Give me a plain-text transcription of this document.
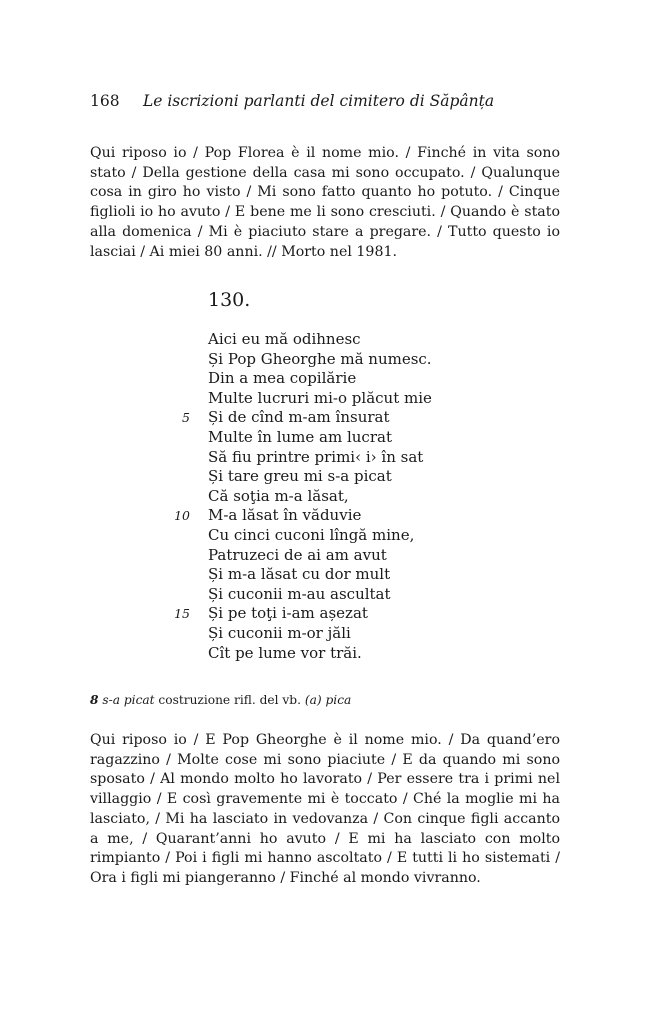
168 Le iscrizioni parlanti del cimitero di Săpânța

Qui riposo io / Pop Florea è il nome mio. / Finché in vita sono stato / Della gestione della casa mi sono occupato. / Qualunque cosa in giro ho visto / Mi sono fatto quanto ho potuto. / Cinque figlioli io ho avuto / E bene me li sono cresciuti. / Quando è stato alla domenica / Mi è piaciuto stare a pregare. / Tutto questo io lasciai / Ai miei 80 anni. // Morto nel 1981.

130.
Aici eu mă odihnesc
Și Pop Gheorghe mă numesc.
Din a mea copilărie
Multe lucruri mi-o plăcut mie
5 Și de cînd m-am însurat
Multe în lume am lucrat
Să fiu printre primi‹ i› în sat
Și tare greu mi s-a picat
Că soţia m-a lăsat,
10 M-a lăsat în văduvie
Cu cinci cuconi lîngă mine,
Patruzeci de ai am avut
Și m-a lăsat cu dor mult
Și cuconii m-au ascultat
15 Și pe toţi i-am așezat
Și cuconii m-or jăli
Cît pe lume vor trăi.
8 s-a picat costruzione rifl. del vb. (a) pica

Qui riposo io / E Pop Gheorghe è il nome mio. / Da quand’ero ragazzino / Molte cose mi sono piaciute / E da quando mi sono sposato / Al mondo molto ho lavorato / Per essere tra i primi nel villaggio / E così gravemente mi è toccato / Ché la moglie mi ha lasciato, / Mi ha lasciato in vedovanza / Con cinque figli accanto a me, / Quarant’anni ho avuto / E mi ha lasciato con molto rimpianto / Poi i figli mi hanno ascoltato / E tutti li ho sistemati / Ora i figli mi piangeranno / Finché al mondo vivranno.
